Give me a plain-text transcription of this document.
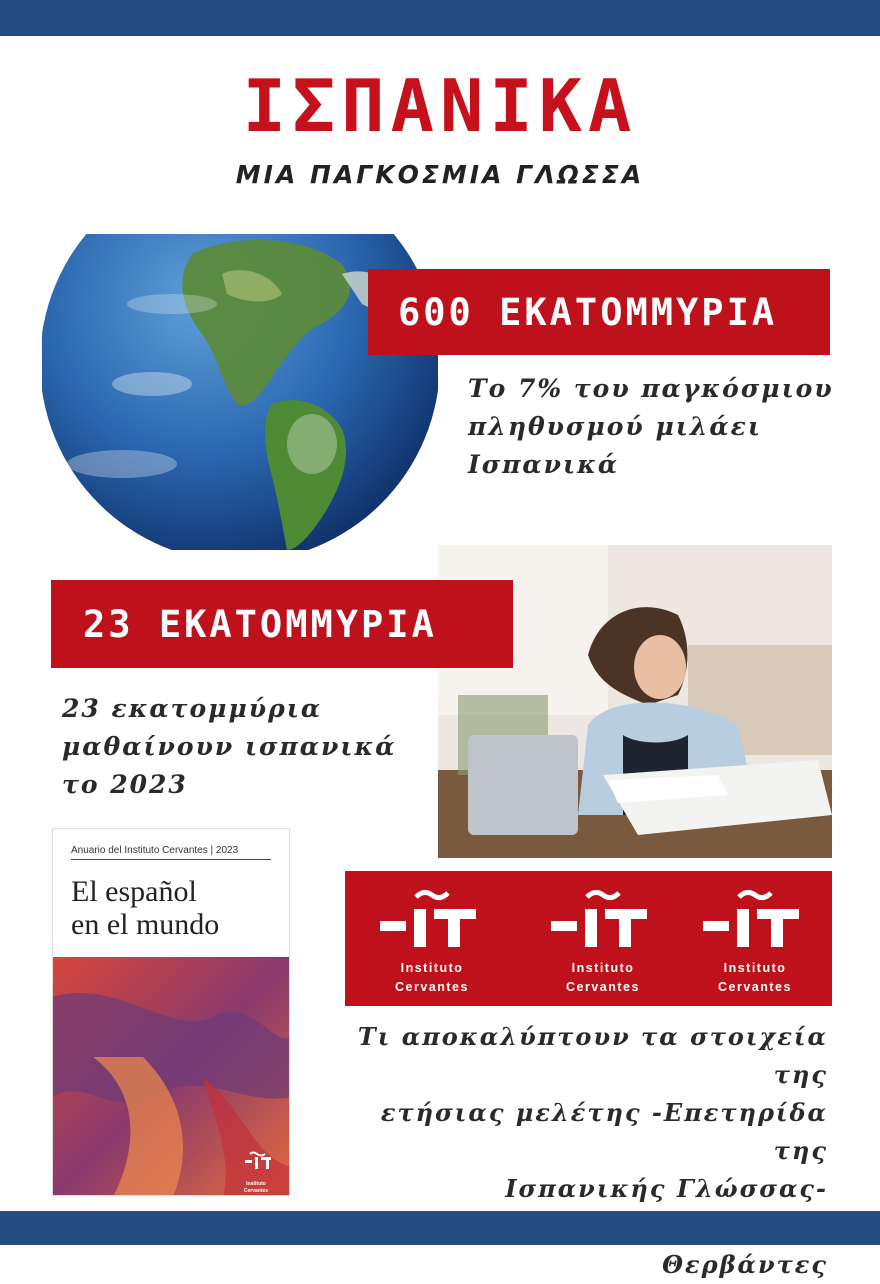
ΙΣΠΑΝΙΚΑ
ΜΙΑ ΠΑΓΚΟΣΜΙΑ ΓΛΩΣΣΑ
600 ΕΚΑΤΟΜΜΥΡΙΑ
Το 7% του παγκόσμιου
πληθυσμού μιλάει
Ισπανικά
23 ΕΚΑΤΟΜΜΥΡΙΑ
23 εκατομμύρια
μαθαίνουν ισπανικά
το 2023
Anuario del Instituto Cervantes | 2023
El español
en el mundo
Instituto
Cervantes
Instituto
Cervantes
Instituto
Cervantes
Instituto
Cervantes
Τι αποκαλύπτουν τα στοιχεία της
ετήσιας μελέτης -Επετηρίδα της
Ισπανικής Γλώσσας-
Θερβάντες
